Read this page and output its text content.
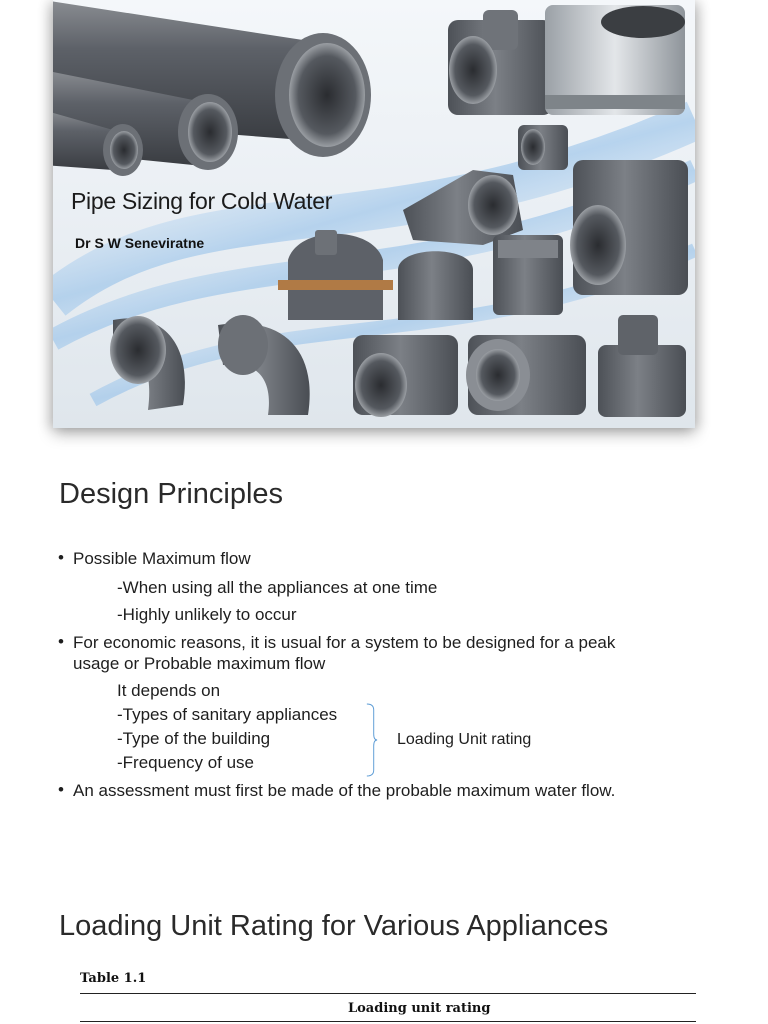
Pipe Sizing for Cold Water
Dr S W Seneviratne
Design Principles
• Possible Maximum flow
-When using all the appliances at one time
-Highly unlikely to occur
• For economic reasons, it is usual for a system to be designed for a peak
usage or Probable maximum flow
It depends on
-Types of sanitary appliances
-Type of the building
-Frequency of use
Loading Unit rating
• An assessment must first be made of the probable maximum water flow.
Loading Unit Rating for Various Appliances
Table 1.1
Loading unit rating
